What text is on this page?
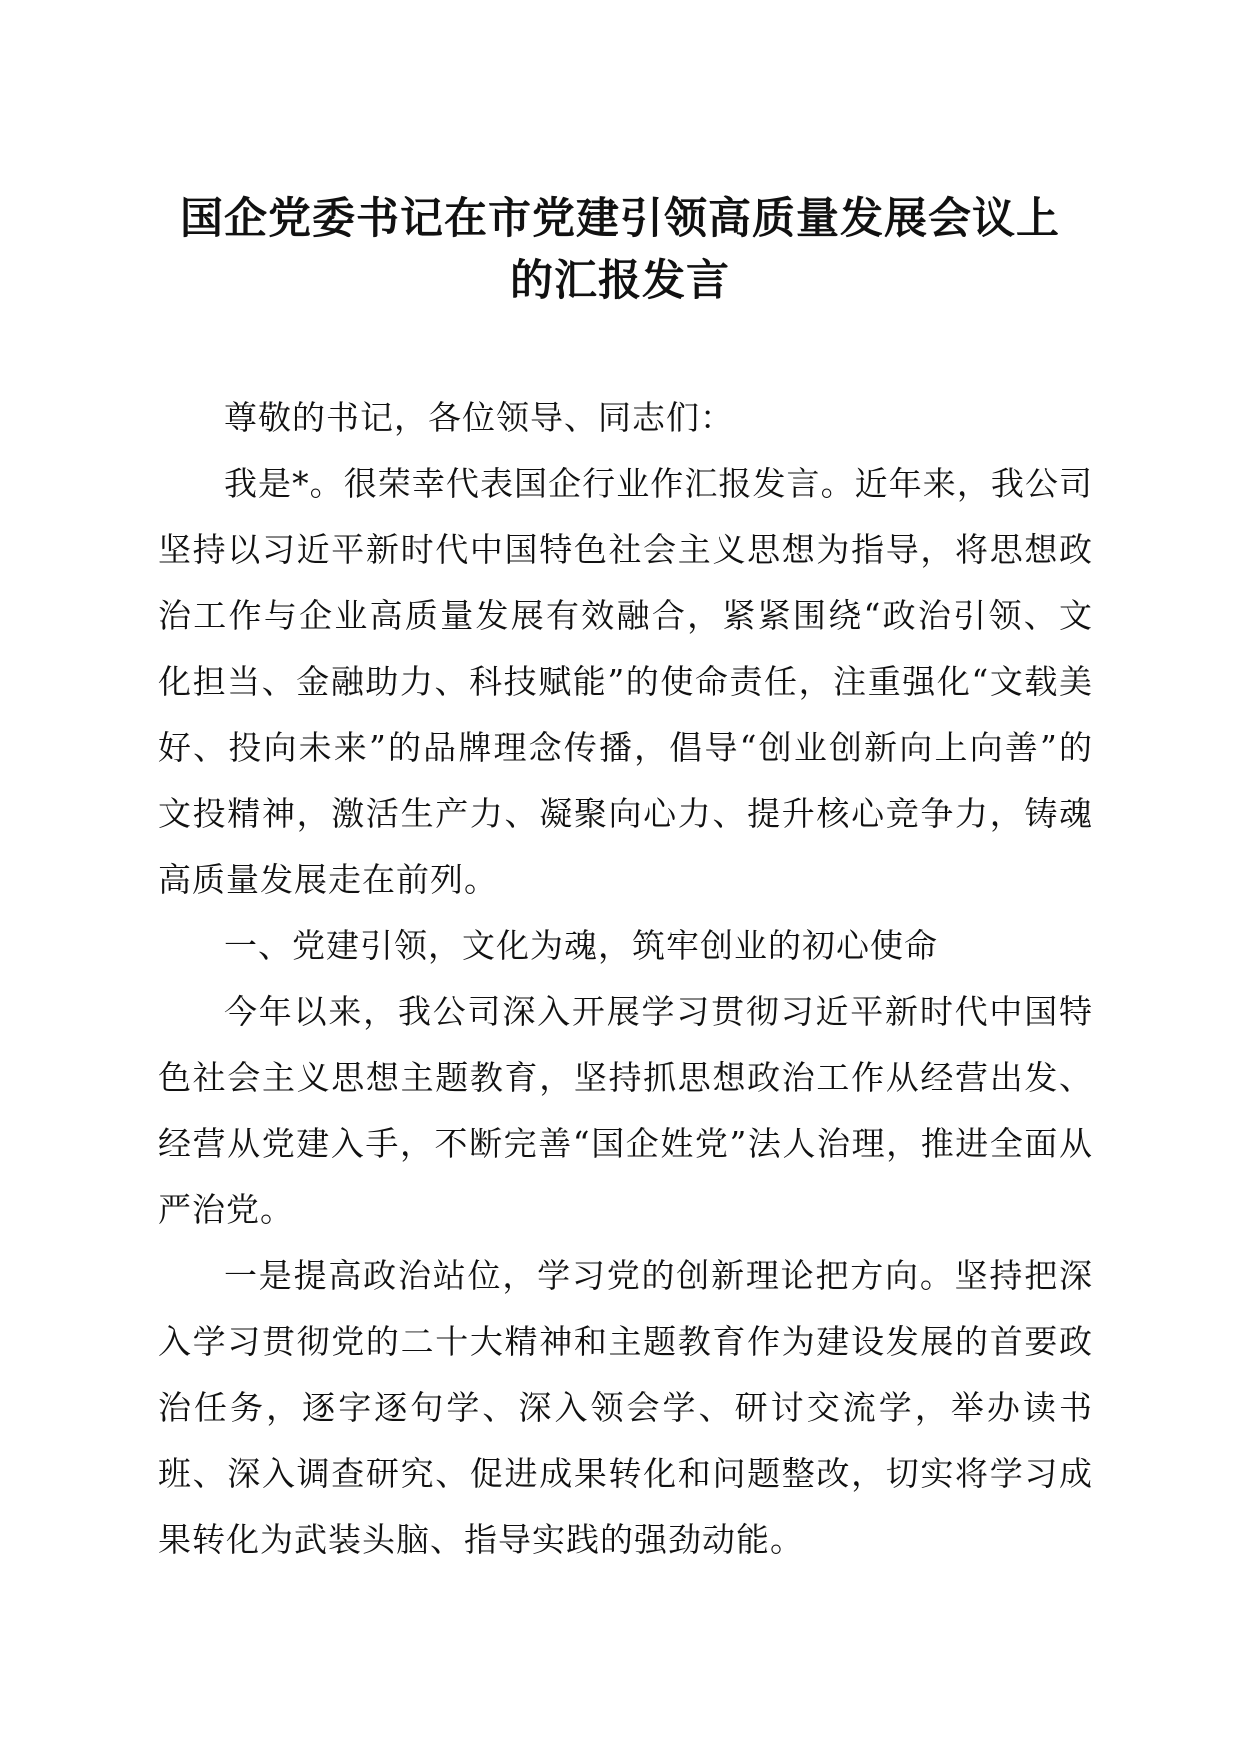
国企党委书记在市党建引领高质量发展会议上
的汇报发言

尊敬的书记，各位领导、同志们：

我是*。很荣幸代表国企行业作汇报发言。近年来，我公司坚持以习近平新时代中国特色社会主义思想为指导，将思想政治工作与企业高质量发展有效融合，紧紧围绕“政治引领、文化担当、金融助力、科技赋能”的使命责任，注重强化“文载美好、投向未来”的品牌理念传播，倡导“创业创新向上向善”的文投精神，激活生产力、凝聚向心力、提升核心竞争力，铸魂高质量发展走在前列。

一、党建引领，文化为魂，筑牢创业的初心使命

今年以来，我公司深入开展学习贯彻习近平新时代中国特色社会主义思想主题教育，坚持抓思想政治工作从经营出发、经营从党建入手，不断完善“国企姓党”法人治理，推进全面从严治党。

一是提高政治站位，学习党的创新理论把方向。坚持把深入学习贯彻党的二十大精神和主题教育作为建设发展的首要政治任务，逐字逐句学、深入领会学、研讨交流学，举办读书班、深入调查研究、促进成果转化和问题整改，切实将学习成果转化为武装头脑、指导实践的强劲动能。
